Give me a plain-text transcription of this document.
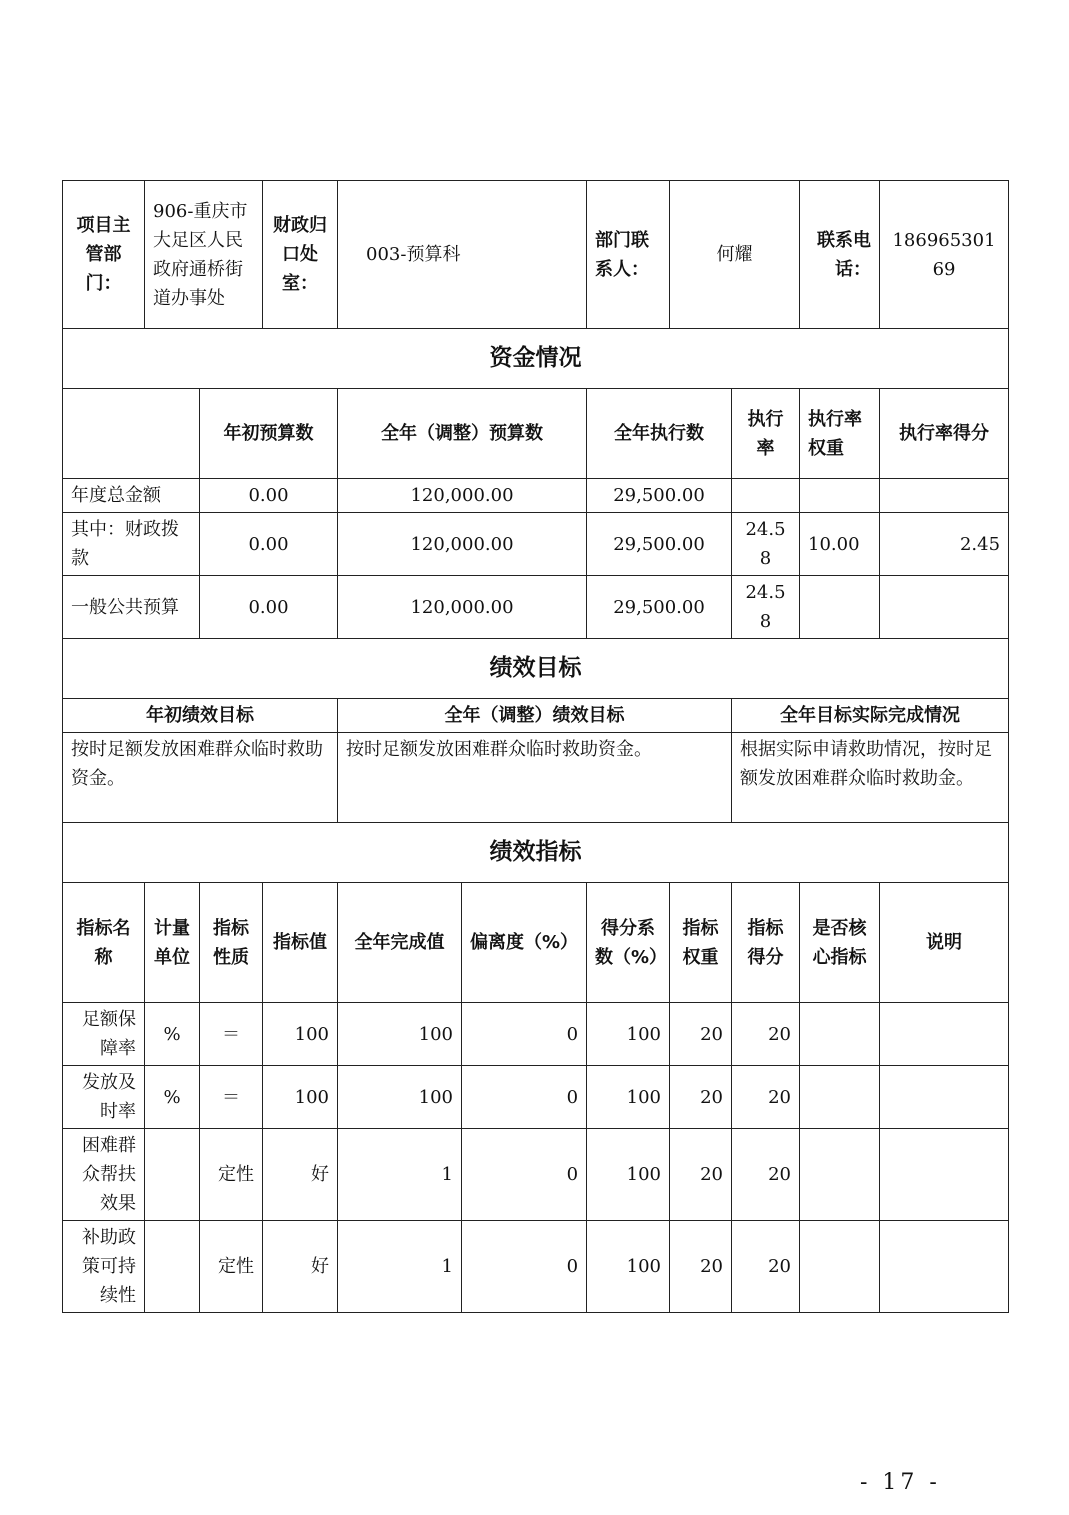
项目主管部门：	906-重庆市大足区人民政府通桥街道办事处		财政归口处室：	003-预算科		部门联系人：	何耀		联系电话：	18696530169
资金情况										
		年初预算数		全年（调整）预算数		全年执行数		执行率	执行率权重	执行率得分
年度总金额		0.00		120,000.00		29,500.00				
其中：财政拨款		0.00		120,000.00		29,500.00		24.58	10.00	2.45
一般公共预算		0.00		120,000.00		29,500.00		24.58		
绩效目标										
年初绩效目标				全年（调整）绩效目标				全年目标实际完成情况		
按时足额发放困难群众临时救助资金。				按时足额发放困难群众临时救助资金。				根据实际申请救助情况，按时足额发放困难群众临时救助金。		
绩效指标										
指标名称	计量单位	指标性质	指标值	全年完成值	偏离度（%）	得分系数（%）	指标权重	指标得分	是否核心指标	说明
足额保障率	%	＝	100	100	0	100	20	20		
发放及时率	%	＝	100	100	0	100	20	20		
困难群众帮扶效果		定性	好	1	0	100	20	20		
补助政策可持续性		定性	好	1	0	100	20	20		
- 17 -
